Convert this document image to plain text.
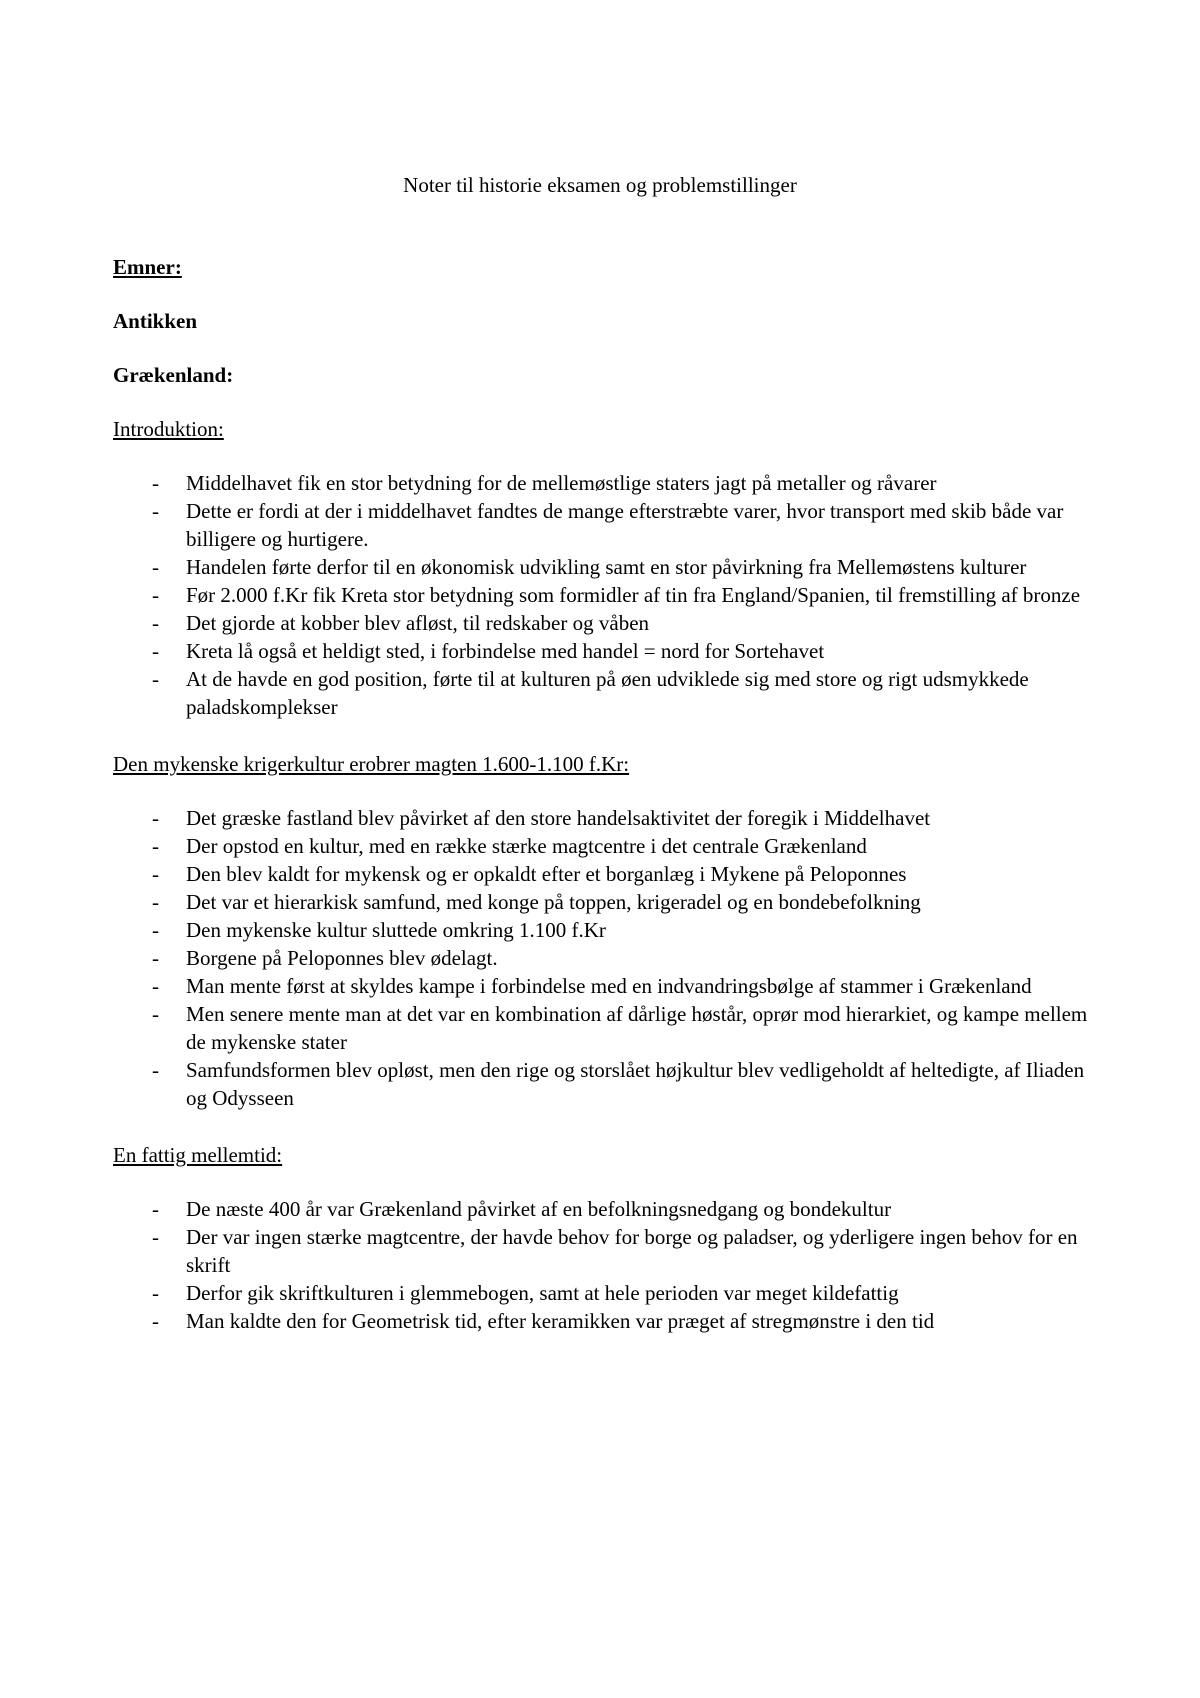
Noter til historie eksamen og problemstillinger

Emner:

Antikken

Grækenland:

Introduktion:

- Middelhavet fik en stor betydning for de mellemøstlige staters jagt på metaller og råvarer
- Dette er fordi at der i middelhavet fandtes de mange efterstræbte varer, hvor transport med skib både var billigere og hurtigere.
- Handelen førte derfor til en økonomisk udvikling samt en stor påvirkning fra Mellemøstens kulturer
- Før 2.000 f.Kr fik Kreta stor betydning som formidler af tin fra England/Spanien, til fremstilling af bronze
- Det gjorde at kobber blev afløst, til redskaber og våben
- Kreta lå også et heldigt sted, i forbindelse med handel = nord for Sortehavet
- At de havde en god position, førte til at kulturen på øen udviklede sig med store og rigt udsmykkede paladskomplekser

Den mykenske krigerkultur erobrer magten 1.600-1.100 f.Kr:

- Det græske fastland blev påvirket af den store handelsaktivitet der foregik i Middelhavet
- Der opstod en kultur, med en række stærke magtcentre i det centrale Grækenland
- Den blev kaldt for mykensk og er opkaldt efter et borganlæg i Mykene på Peloponnes
- Det var et hierarkisk samfund, med konge på toppen, krigeradel og en bondebefolkning
- Den mykenske kultur sluttede omkring 1.100 f.Kr
- Borgene på Peloponnes blev ødelagt.
- Man mente først at skyldes kampe i forbindelse med en indvandringsbølge af stammer i Grækenland
- Men senere mente man at det var en kombination af dårlige høstår, oprør mod hierarkiet, og kampe mellem de mykenske stater
- Samfundsformen blev opløst, men den rige og storslået højkultur blev vedligeholdt af heltedigte, af Iliaden og Odysseen

En fattig mellemtid:

- De næste 400 år var Grækenland påvirket af en befolkningsnedgang og bondekultur
- Der var ingen stærke magtcentre, der havde behov for borge og paladser, og yderligere ingen behov for en skrift
- Derfor gik skriftkulturen i glemmebogen, samt at hele perioden var meget kildefattig
- Man kaldte den for Geometrisk tid, efter keramikken var præget af stregmønstre i den tid
